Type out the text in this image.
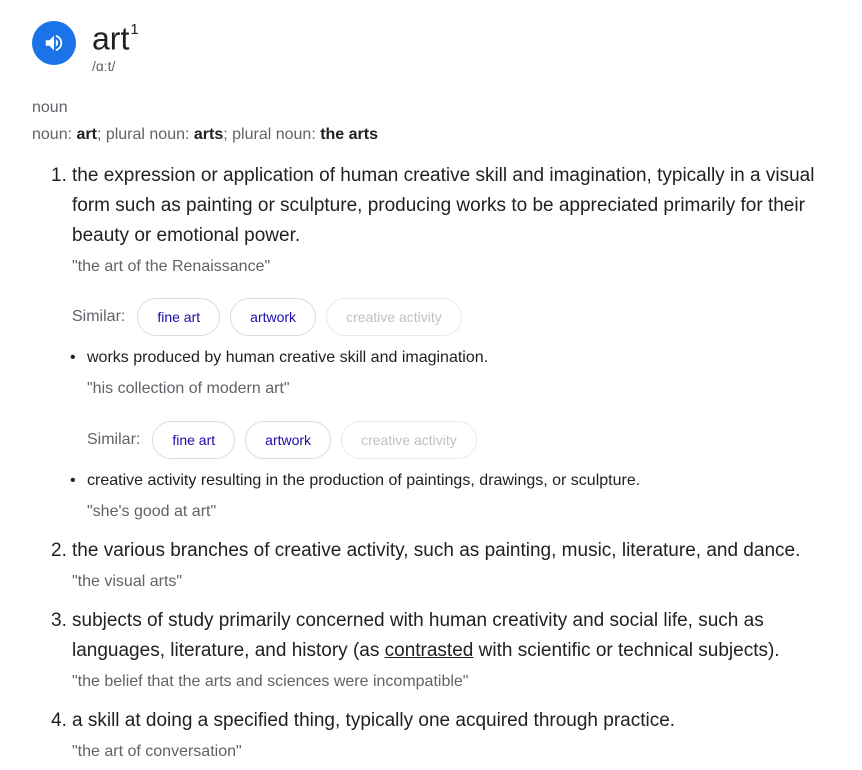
art$^1$
/ɑːt/
noun
noun: art; plural noun: arts; plural noun: the arts
1. the expression or application of human creative skill and imagination, typically in a visual form such as painting or sculpture, producing works to be appreciated primarily for their beauty or emotional power.
"the art of the Renaissance"
Similar:	fine art	artwork	creative activity
• works produced by human creative skill and imagination.
"his collection of modern art"
Similar:	fine art	artwork	creative activity
• creative activity resulting in the production of paintings, drawings, or sculpture.
"she's good at art"
2. the various branches of creative activity, such as painting, music, literature, and dance.
"the visual arts"
3. subjects of study primarily concerned with human creativity and social life, such as languages, literature, and history (as contrasted with scientific or technical subjects).
"the belief that the arts and sciences were incompatible"
4. a skill at doing a specified thing, typically one acquired through practice.
"the art of conversation"
